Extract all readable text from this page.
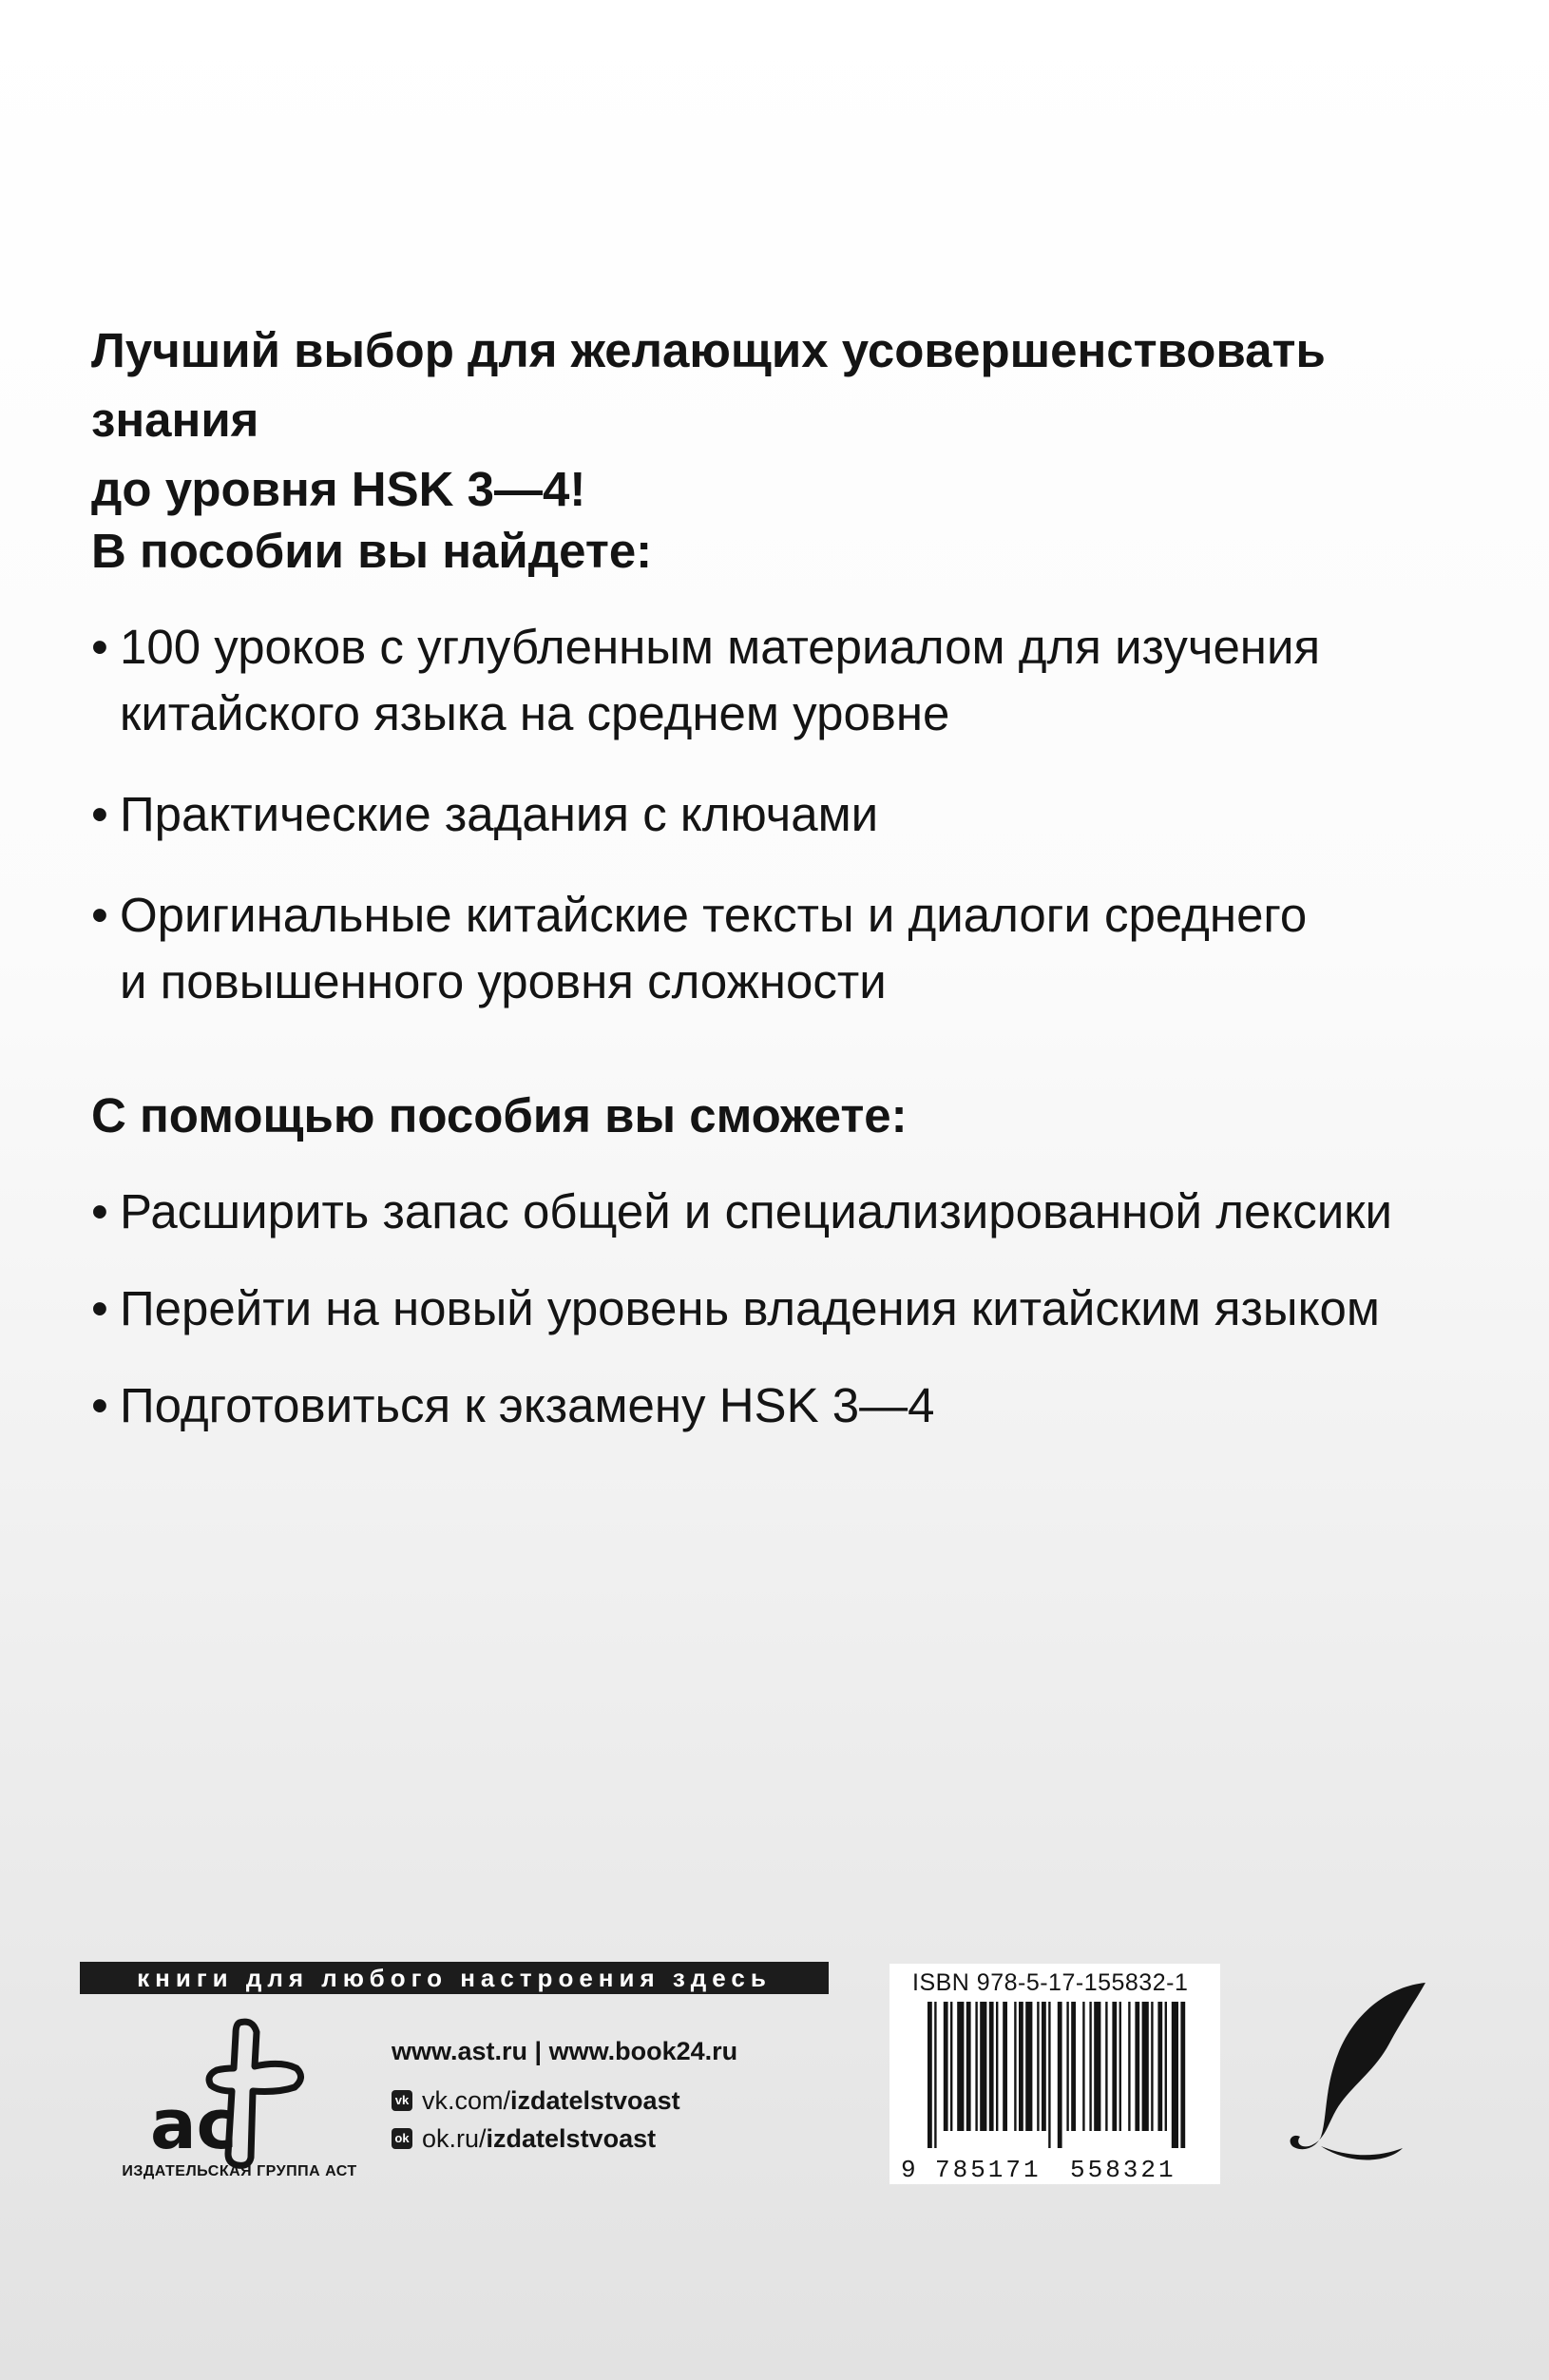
Лучший выбор для желающих усовершенствовать знания
до уровня HSK 3—4!
В пособии вы найдете:
• 100 уроков с углубленным материалом для изучения
китайского языка на среднем уровне
• Практические задания с ключами
• Оригинальные китайские тексты и диалоги среднего
и повышенного уровня сложности
С помощью пособия вы сможете:
• Расширить запас общей и специализированной лексики
• Перейти на новый уровень владения китайским языком
• Подготовиться к экзамену HSK 3—4
книги для любого настроения здесь
ac
ИЗДАТЕЛЬСКАЯ ГРУППА АСТ
www.ast.ru | www.book24.ru
vk vk.com/ izdatelstvoast
ok ok.ru/ izdatelstvoast
ISBN 978-5-17-155832-1
9 785171 558321
